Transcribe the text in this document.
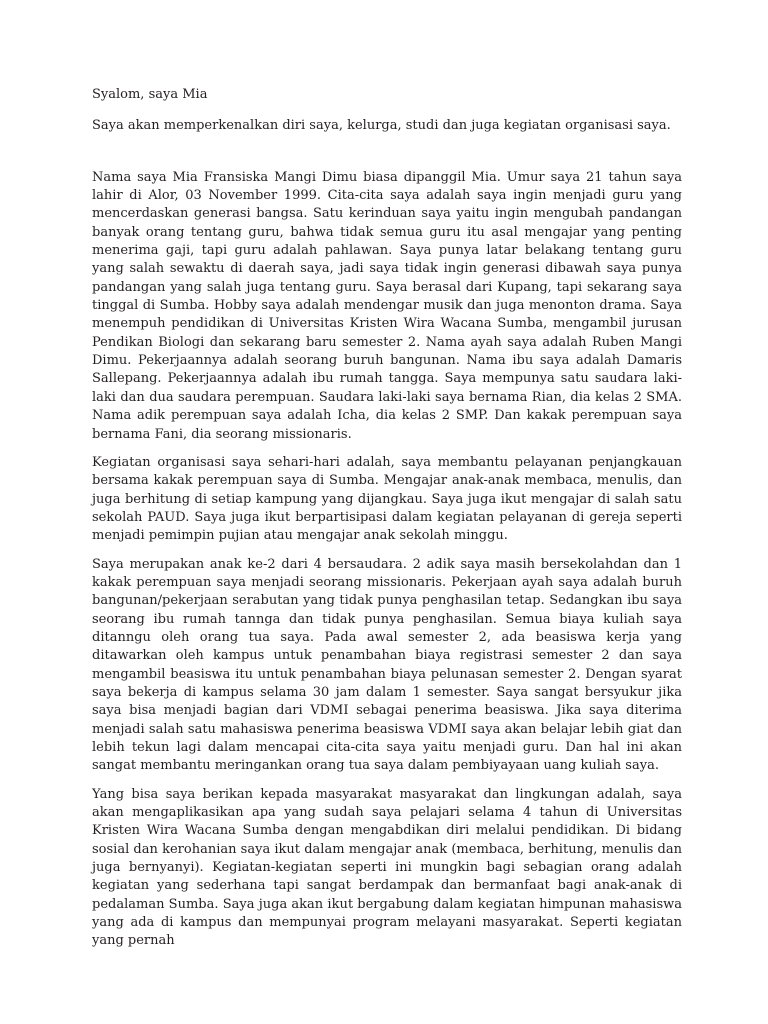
Syalom, saya Mia

Saya akan memperkenalkan diri saya, kelurga, studi dan juga kegiatan organisasi saya.

Nama saya Mia Fransiska Mangi Dimu biasa dipanggil Mia. Umur saya 21 tahun saya lahir di Alor, 03 November 1999. Cita-cita saya adalah saya ingin menjadi guru yang mencerdaskan generasi bangsa. Satu kerinduan saya yaitu ingin mengubah pandangan banyak orang tentang guru, bahwa tidak semua guru itu asal mengajar yang penting menerima gaji, tapi guru adalah pahlawan. Saya punya latar belakang tentang guru yang salah sewaktu di daerah saya, jadi saya tidak ingin generasi dibawah saya punya pandangan yang salah juga tentang guru. Saya berasal dari Kupang, tapi sekarang saya tinggal di Sumba. Hobby saya adalah mendengar musik dan juga menonton drama. Saya menempuh pendidikan di Universitas Kristen Wira Wacana Sumba, mengambil jurusan Pendikan Biologi dan sekarang baru semester 2. Nama ayah saya adalah Ruben Mangi Dimu. Pekerjaannya adalah seorang buruh bangunan. Nama ibu saya adalah Damaris Sallepang. Pekerjaannya adalah ibu rumah tangga. Saya mempunya satu saudara laki-laki dan dua saudara perempuan. Saudara laki-laki saya bernama Rian, dia kelas 2 SMA. Nama adik perempuan saya adalah Icha, dia kelas 2 SMP. Dan kakak perempuan saya bernama Fani, dia seorang missionaris.

Kegiatan organisasi saya sehari-hari adalah, saya membantu pelayanan penjangkauan bersama kakak perempuan saya di Sumba. Mengajar anak-anak membaca, menulis, dan juga berhitung di setiap kampung yang dijangkau. Saya juga ikut mengajar di salah satu sekolah PAUD. Saya juga ikut berpartisipasi dalam kegiatan pelayanan di gereja seperti menjadi pemimpin pujian atau mengajar anak sekolah minggu.

Saya merupakan anak ke-2 dari 4 bersaudara. 2 adik saya masih bersekolahdan dan 1 kakak perempuan saya menjadi seorang missionaris. Pekerjaan ayah saya adalah buruh bangunan/pekerjaan serabutan yang tidak punya penghasilan tetap. Sedangkan ibu saya seorang ibu rumah tannga dan tidak punya penghasilan. Semua biaya kuliah saya ditanngu oleh orang tua saya. Pada awal semester 2, ada beasiswa kerja yang ditawarkan oleh kampus untuk penambahan biaya registrasi semester 2 dan saya mengambil beasiswa itu untuk penambahan biaya pelunasan semester 2. Dengan syarat saya bekerja di kampus selama 30 jam dalam 1 semester. Saya sangat bersyukur jika saya bisa menjadi bagian dari VDMI sebagai penerima beasiswa. Jika saya diterima menjadi salah satu mahasiswa penerima beasiswa VDMI saya akan belajar lebih giat dan lebih tekun lagi dalam mencapai cita-cita saya yaitu menjadi guru. Dan hal ini akan sangat membantu meringankan orang tua saya dalam pembiyayaan uang kuliah saya.

Yang bisa saya berikan kepada masyarakat masyarakat dan lingkungan adalah, saya akan mengaplikasikan apa yang sudah saya pelajari selama 4 tahun di Universitas Kristen Wira Wacana Sumba dengan mengabdikan diri melalui pendidikan. Di bidang sosial dan kerohanian saya ikut dalam mengajar anak (membaca, berhitung, menulis dan juga bernyanyi). Kegiatan-kegiatan seperti ini mungkin bagi sebagian orang adalah kegiatan yang sederhana tapi sangat berdampak dan bermanfaat bagi anak-anak di pedalaman Sumba. Saya juga akan ikut bergabung dalam kegiatan himpunan mahasiswa yang ada di kampus dan mempunyai program melayani masyarakat. Seperti kegiatan yang pernah
